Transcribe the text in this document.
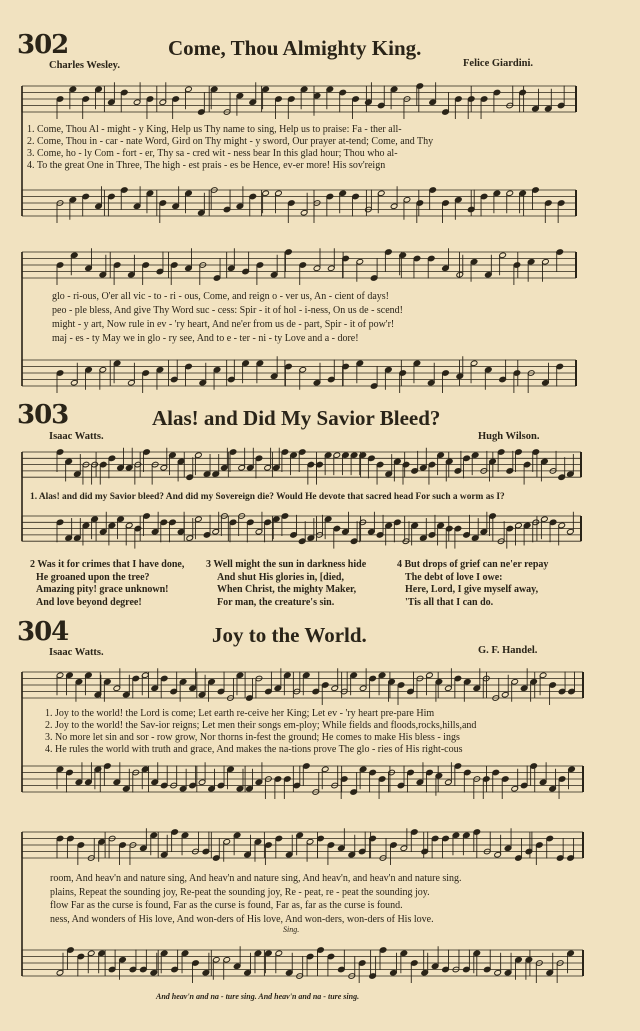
302	Come, Thou Almighty King.
Charles Wesley.	Felice Giardini.
1. Come, Thou Al - might - y King, Help us Thy name to sing, Help us to praise: Fa - ther all-
2. Come, Thou in - car - nate Word, Gird on Thy might - y sword, Our prayer at-tend; Come, and Thy
3. Come, ho - ly Com - fort - er, Thy sa - cred wit - ness bear In this glad hour; Thou who al-
4. To the great One in Three, The high - est prais - es be Hence, ev-er more! His sov'reign
glo - ri-ous, O'er all vic - to - ri - ous, Come, and reign o - ver us, An - cient of days!
peo - ple bless, And give Thy Word suc - cess: Spir - it of hol - i-ness, On us de - scend!
might - y art, Now rule in ev - 'ry heart, And ne'er from us de - part, Spir - it of pow'r!
maj - es - ty May we in glo - ry see, And to e - ter - ni - ty Love and a - dore!
303	Alas! and Did My Savior Bleed?
Isaac Watts.	Hugh Wilson.
1. Alas! and did my Savior bleed? And did my Sovereign die? Would He devote that sacred head For such a worm as I?
2 Was it for crimes that I have done,
He groaned upon the tree?
Amazing pity! grace unknown!
And love beyond degree!
3 Well might the sun in darkness hide
And shut His glories in, [died,
When Christ, the mighty Maker,
For man, the creature's sin.
4 But drops of grief can ne'er repay
The debt of love I owe:
Here, Lord, I give myself away,
'Tis all that I can do.
304	Joy to the World.
Isaac Watts.	G. F. Handel.
1. Joy to the world! the Lord is come; Let earth re-ceive her King; Let ev - 'ry heart pre-pare Him
2. Joy to the world! the Sav-ior reigns; Let men their songs em-ploy; While fields and floods,rocks,hills,and
3. No more let sin and sor - row grow, Nor thorns in-fest the ground; He comes to make His bless - ings
4. He rules the world with truth and grace, And makes the na-tions prove The glo - ries of His right-cous
room, And heav'n and nature sing, And heav'n and nature sing, And heav'n, and heav'n and nature sing.
plains, Repeat the sounding joy, Re-peat the sounding joy, Re - peat, re - peat the sounding joy.
flow Far as the curse is found, Far as the curse is found, Far as, far as the curse is found.
ness, And wonders of His love, And won-ders of His love, And won-ders, won-ders of His love.
Sing.
And heav'n and na - ture sing. And heav'n and na - ture sing.
